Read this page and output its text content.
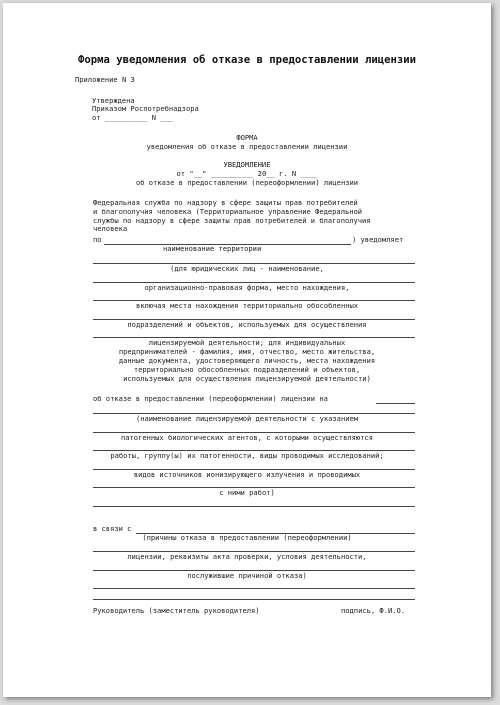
Форма уведомления об отказе в предоставлении лицензии
Приложение N 3
Утверждена
Приказом Роспотребнадзора
от __________ N ___
ФОРМА
уведомления об отказе в предоставлении лицензии
УВЕДОМЛЕНИЕ
от "__" __________ 20__ г. N ____
об отказе в предоставлении (переоформлении) лицензии
Федеральная служба по надзору в сфере защиты прав потребителей
и благополучия человека (Территориальное управление Федеральной
службы по надзору в сфере защиты прав потребителей и благополучия
человека
по	) уведомляет
наименование территории
(для юридических лиц - наименование,
организационно-правовая форма, место нахождения,
включая места нахождения территориально обособленных
подразделений и объектов, используемых для осуществления
лицензируемой деятельности; для индивидуальных
предпринимателей - фамилия, имя, отчество, место жительства,
данные документа, удостоверяющего личность, места нахождения
территориально обособленных подразделений и объектов,
используемых для осуществления лицензируемой деятельности)
об отказе в предоставлении (переоформлении) лицензии на
(наименование лицензируемой деятельности с указанием
патогенных биологических агентов, с которыми осуществляются
работы, группу(ы) их патогенности, виды проводимых исследований;
видов источников ионизирующего излучения и проводимых
с ними работ)
в связи с
(причины отказа в предоставлении (переоформлении)
лицензии, реквизиты акта проверки, условия деятельности,
послужившие причиной отказа)
Руководитель (заместитель руководителя)	подпись, Ф.И.О.
